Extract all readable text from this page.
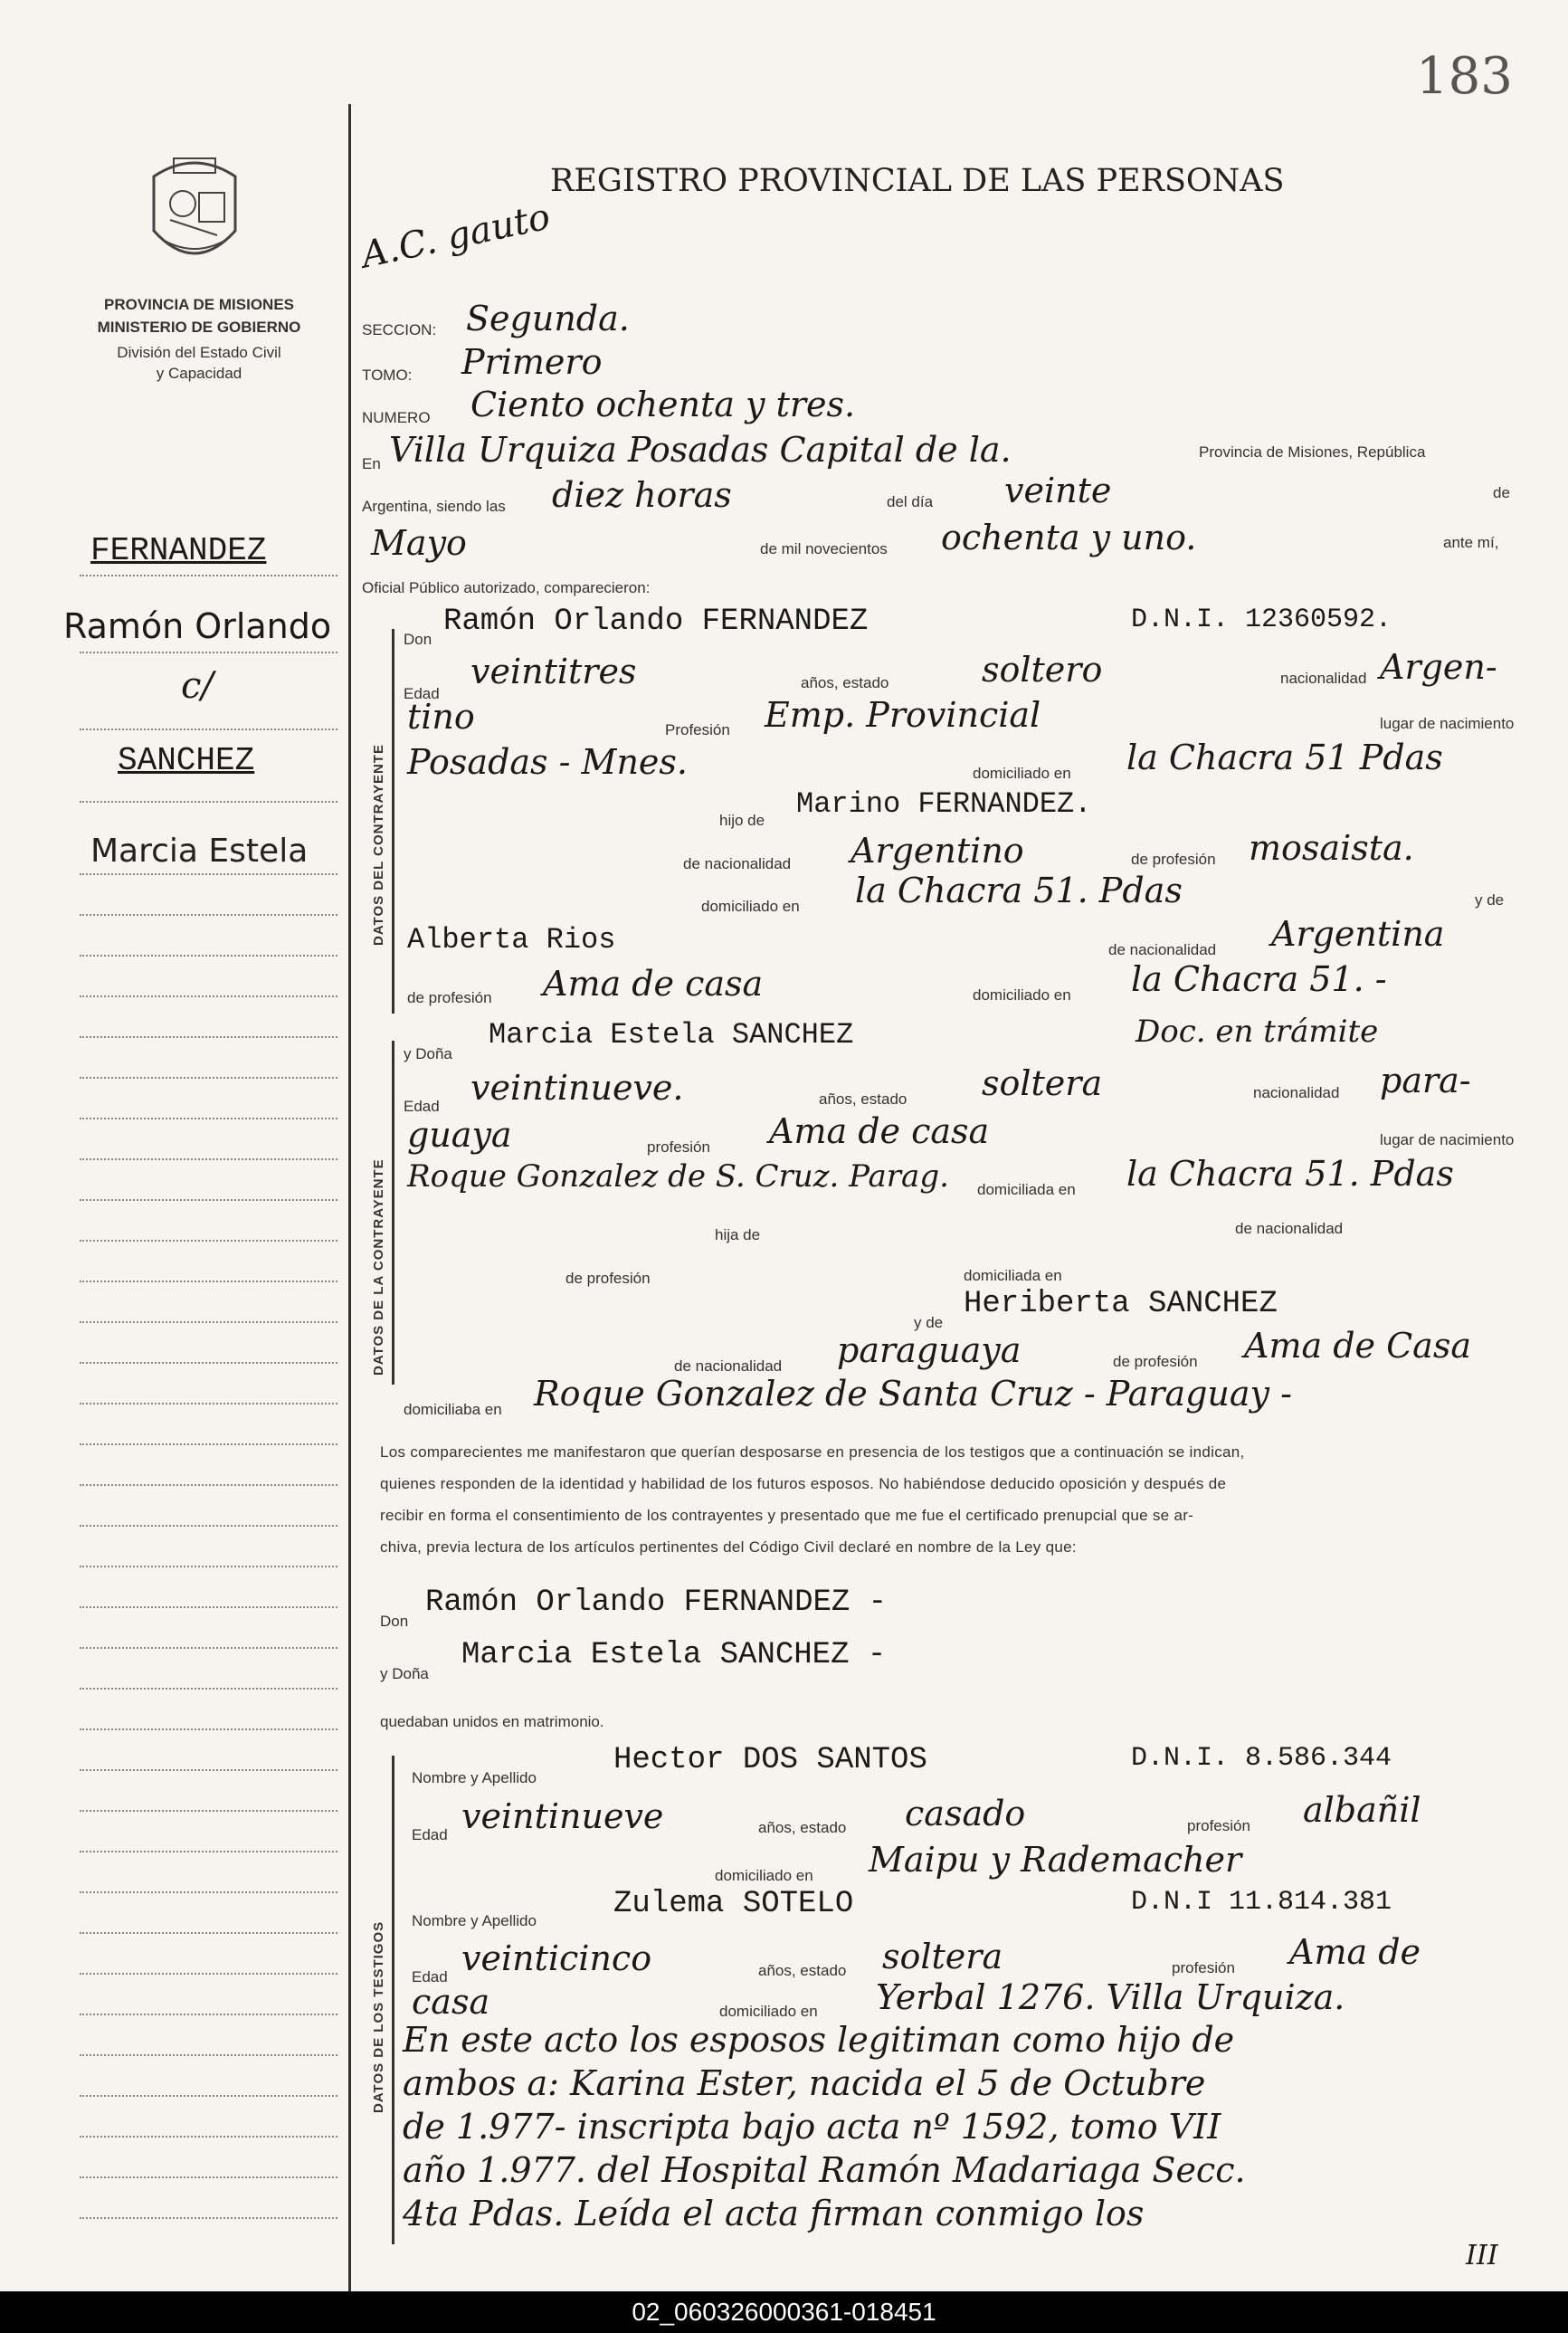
183
PROVINCIA DE MISIONES
MINISTERIO DE GOBIERNO
División del Estado Civil
y Capacidad
REGISTRO PROVINCIAL DE LAS PERSONAS
A.C. gauto
FERNANDEZ
Ramón Orlando
c/
SANCHEZ
Marcia Estela
SECCION: Segunda.
TOMO: Primero
NUMERO Ciento ochenta y tres.
En Villa Urquiza Posadas Capital de la.	Provincia de Misiones, República
Argentina, siendo las diez horas	del día veinte	de
Mayo	de mil novecientos ochenta y uno.	ante mí,
Oficial Público autorizado, comparecieron:
DATOS DEL CONTRAYENTE
Don
Ramón Orlando FERNANDEZ	D.N.I. 12360592.
Edad
veintitres	años, estado	soltero	nacionalidad Argen-
tino	Profesión Emp. Provincial	lugar de nacimiento
Posadas - Mnes.	domiciliado en la Chacra 51 Pdas
hijo de Marino FERNANDEZ.
de nacionalidad Argentino	de profesión mosaista.
domiciliado en la Chacra 51. Pdas	y de
Alberta Rios	de nacionalidad Argentina
de profesión Ama de casa	domiciliado en la Chacra 51. -
DATOS DE LA CONTRAYENTE
y Doña
Marcia Estela SANCHEZ	Doc. en trámite
Edad veintinueve.	años, estado soltera	nacionalidad para-
guaya	profesión Ama de casa	lugar de nacimiento
Roque Gonzalez de S. Cruz. Parag. domiciliada en la Chacra 51. Pdas
hija de	de nacionalidad
de profesión	domiciliada en
y de
Heriberta SANCHEZ
de nacionalidad paraguaya	de profesión Ama de Casa
domiciliaba en Roque Gonzalez de Santa Cruz - Paraguay -
Los comparecientes me manifestaron que querían desposarse en presencia de los testigos que a continuación se indican,
quienes responden de la identidad y habilidad de los futuros esposos. No habiéndose deducido oposición y después de
recibir en forma el consentimiento de los contrayentes y presentado que me fue el certificado prenupcial que se ar-
chiva, previa lectura de los artículos pertinentes del Código Civil declaré en nombre de la Ley que:
Don
Ramón Orlando FERNANDEZ -
y Doña
Marcia Estela SANCHEZ -
quedaban unidos en matrimonio.
DATOS DE LOS TESTIGOS
Nombre y Apellido
Hector DOS SANTOS	D.N.I. 8.586.344
Edad veintinueve	años, estado casado	profesión albañil
domiciliado en Maipu y Rademacher
Nombre y Apellido	Zulema SOTELO	D.N.I 11.814.381
Edad veinticinco	años, estado soltera	profesión Ama de
casa	domiciliado en Yerbal 1276. Villa Urquiza.
En este acto los esposos legitiman como hijo de
ambos a: Karina Ester, nacida el 5 de Octubre
de 1.977- inscripta bajo acta nº 1592, tomo VII
año 1.977. del Hospital Ramón Madariaga Secc.
4ta Pdas. Leída el acta firman conmigo los
III
02_060326000361-018451
